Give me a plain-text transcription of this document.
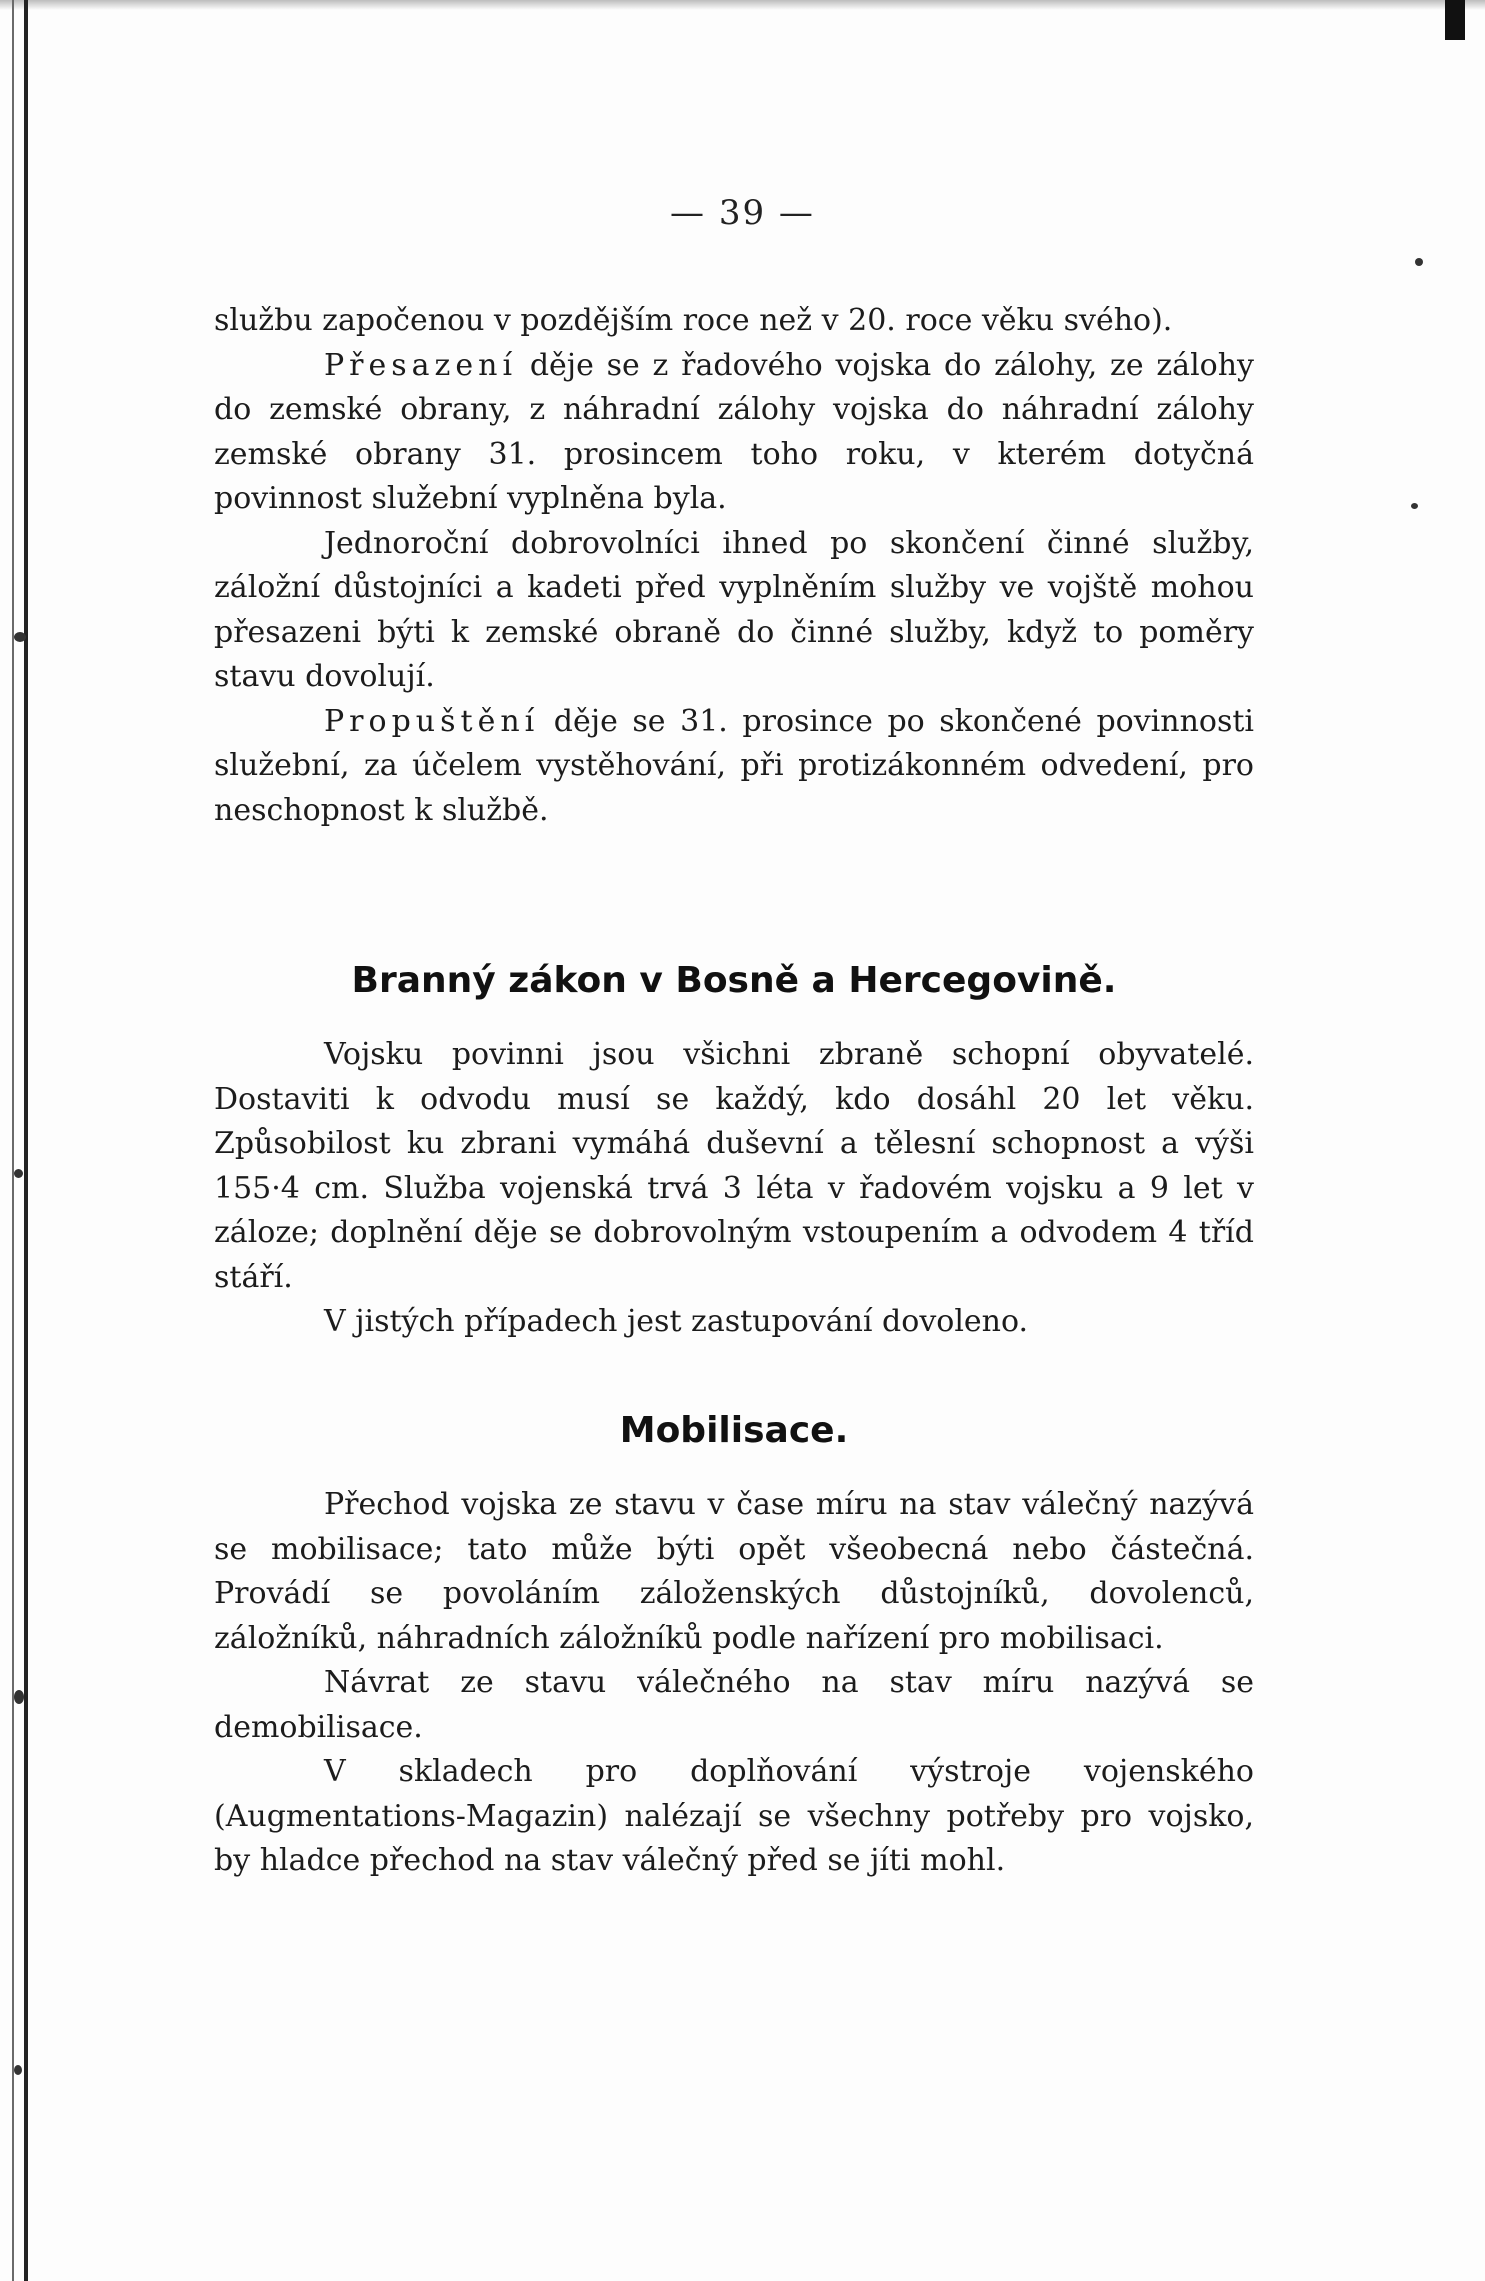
— 39 —

službu započenou v pozdějším roce než v 20. roce věku svého).

Přesazení děje se z řadového vojska do zálohy, ze zálohy do zemské obrany, z náhradní zálohy vojska do náhradní zálohy zemské obrany 31. prosincem toho roku, v kterém dotyčná povinnost služební vyplněna byla.

Jednoroční dobrovolníci ihned po skončení činné služby, záložní důstojníci a kadeti před vyplněním služby ve vojště mohou přesazeni býti k zemské obraně do činné služby, když to poměry stavu dovolují.

Propuštění děje se 31. prosince po skončené povinnosti služební, za účelem vystěhování, při protizákonném odvedení, pro neschopnost k službě.

Branný zákon v Bosně a Hercegovině.

Vojsku povinni jsou všichni zbraně schopní obyvatelé. Dostaviti k odvodu musí se každý, kdo dosáhl 20 let věku. Způsobilost ku zbrani vymáhá duševní a tělesní schopnost a výši 155·4 cm. Služba vojenská trvá 3 léta v řadovém vojsku a 9 let v záloze; doplnění děje se dobrovolným vstoupením a odvodem 4 tříd stáří.

V jistých případech jest zastupování dovoleno.

Mobilisace.

Přechod vojska ze stavu v čase míru na stav válečný nazývá se mobilisace; tato může býti opět všeobecná nebo částečná. Provádí se povoláním záloženských důstojníků, dovolenců, záložníků, náhradních záložníků podle nařízení pro mobilisaci.

Návrat ze stavu válečného na stav míru nazývá se demobilisace.

V skladech pro doplňování výstroje vojenského (Augmentations-Magazin) nalézají se všechny potřeby pro vojsko, by hladce přechod na stav válečný před se jíti mohl.
